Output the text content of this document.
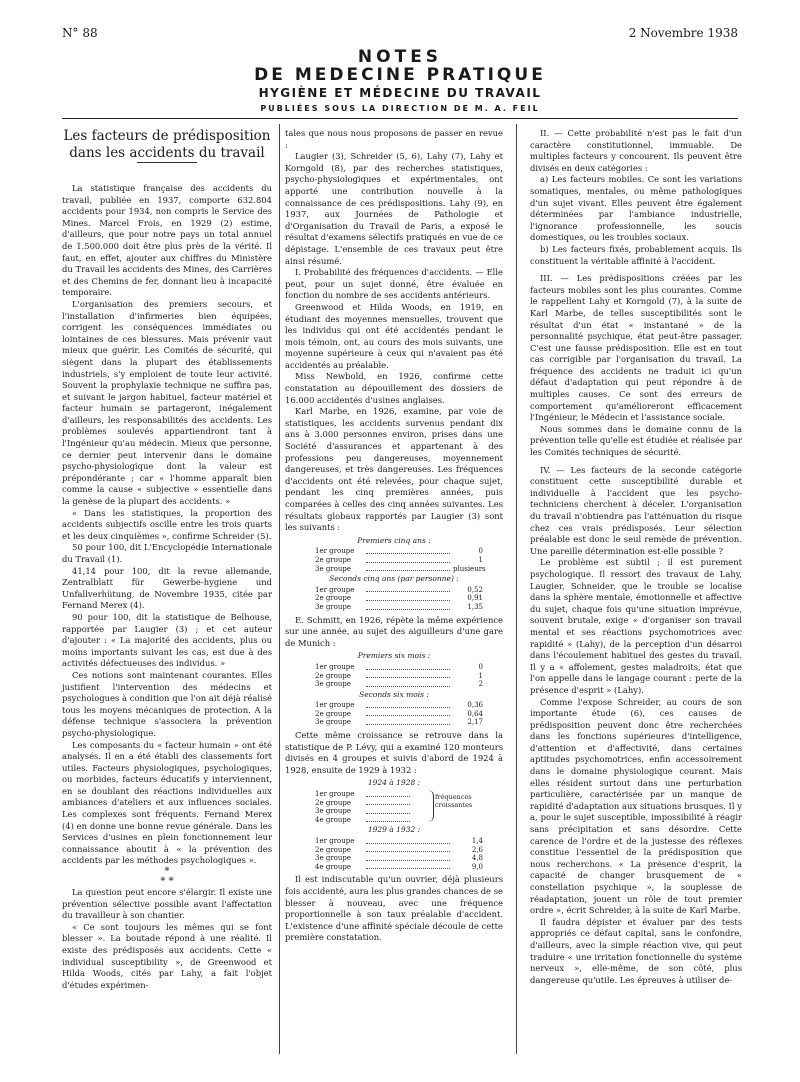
N° 88	2 Novembre 1938
NOTES
DE MEDECINE PRATIQUE
HYGIÈNE ET MÉDECINE DU TRAVAIL
PUBLIÉES SOUS LA DIRECTION DE M. A. FEIL

Les facteurs de prédisposition dans les accidents du travail

La statistique française des accidents du travail, publiée en 1937, comporte 632.804 accidents pour 1934, non compris le Service des Mines. Marcel Frois, en 1929 (2) estime, d'ailleurs, que pour notre pays un total annuel de 1.500.000 doit être plus près de la vérité. Il faut, en effet, ajouter aux chiffres du Ministère du Travail les accidents des Mines, des Carrières et des Chemins de fer, donnant lieu à incapacité temporaire.

L'organisation des premiers secours, et l'installation d'infirmeries bien équipées, corrigent les conséquences immédiates ou lointaines de ces blessures. Mais prévenir vaut mieux que guérir. Les Comités de sécurité, qui siègent dans la plupart des établissements industriels, s'y emploient de toute leur activité. Souvent la prophylaxie technique ne suffira pas, et suivant le jargon habituel, facteur matériel et facteur humain se partageront, inégalement d'ailleurs, les responsabilités des accidents. Les problèmes soulevés appartiendront tant à l'Ingénieur qu'au médecin. Mieux que personne, ce dernier peut intervenir dans le domaine psycho-physiologique dont la valeur est prépondérante ; car « l'homme apparaît bien comme la cause « subjective » essentielle dans la genèse de la plupart des accidents. »

« Dans les statistiques, la proportion des accidents subjectifs oscille entre les trois quarts et les deux cinquièmes », confirme Schreider (5).

50 pour 100, dit L'Encyclopédie Internationale du Travail (1).

41,14 pour 100, dit la revue allemande, Zentralblatt für Gewerbe-hygiene und Unfallverhütung, de Novembre 1935, citée par Fernand Merex (4).

90 pour 100, dit la statistique de Belhouse, rapportée par Laugier (3) ; et cet auteur d'ajouter : « La majorité des accidents, plus ou moins importants suivant les cas, est due à des activités défectueuses des individus. »

Ces notions sont maintenant courantes. Elles justifient l'intervention des médecins et psychologues à condition que l'on ait déjà réalisé tous les moyens mécaniques de protection. A la défense technique s'associera la prévention psycho-physiologique.

Les composants du « facteur humain » ont été analysés. Il en a été établi des classements fort utiles. Facteurs physiologiques, psychologiques, ou morbides, facteurs éducatifs y interviennent, en se doublant des réactions individuelles aux ambiances d'ateliers et aux influences sociales. Les complexes sont fréquents. Fernand Merex (4) en donne une bonne revue générale. Dans les Services d'usines en plein fonctionnement leur connaissance aboutit à « la prévention des accidents par les méthodes psychologiques ».

*
* *

La question peut encore s'élargir. Il existe une prévention sélective possible avant l'affectation du travailleur à son chantier.

« Ce sont toujours les mêmes qui se font blesser ». La boutade répond à une réalité. Il existe des prédisposés aux accidents. Cette « individual susceptibility », de Greenwood et Hilda Woods, cités par Lahy, a fait l'objet d'études expérimen-

tales que nous nous proposons de passer en revue :

Laugier (3), Schreider (5, 6), Lahy (7), Lahy et Korngold (8), par des recherches statistiques, psycho-physiologiques et expérimentales, ont apporté une contribution nouvelle à la connaissance de ces prédispositions. Lahy (9), en 1937, aux Journées de Pathologie et d'Organisation du Travail de Paris, a exposé le résultat d'examens sélectifs pratiqués en vue de ce dépistage. L'ensemble de ces travaux peut être ainsi résumé.

I. Probabilité des fréquences d'accidents. — Elle peut, pour un sujet donné, être évaluée en fonction du nombre de ses accidents antérieurs.

Greenwood et Hilda Woods, en 1919, en étudiant des moyennes mensuelles, trouvent que les individus qui ont été accidentés pendant le mois témoin, ont, au cours des mois suivants, une moyenne supérieure à ceux qui n'avaient pas été accidentés au préalable.

Miss Newbold, en 1926, confirme cette constatation au dépouillement des dossiers de 16.000 accidentés d'usines anglaises.

Karl Marbe, en 1926, examine, par voie de statistiques, les accidents survenus pendant dix ans à 3.000 personnes environ, prises dans une Société d'assurances et appartenant à des professions peu dangereuses, moyennement dangereuses, et très dangereuses. Les fréquences d'accidents ont été relevées, pour chaque sujet, pendant les cinq premières années, puis comparées à celles des cinq années suivantes. Les résultats globaux rapportés par Laugier (3) sont les suivants :

Premiers cinq ans :
1er groupe	0
2e groupe	1
3e groupe	plusieurs
Seconds cinq ans (par personne) :
1er groupe	0,52
2e groupe	0,91
3e groupe	1,35

E. Schmitt, en 1926, répète la même expérience sur une année, au sujet des aiguilleurs d'une gare de Munich :

Premiers six mois :
1er groupe	0
2e groupe	1
3e groupe	2
Seconds six mois :
1er groupe	0,36
2e groupe	0,64
3e groupe	2,17

Cette même croissance se retrouve dans la statistique de P. Lévy, qui a examiné 120 monteurs divisés en 4 groupes et suivis d'abord de 1924 à 1928, ensuite de 1929 à 1932 :

1924 à 1928 :
1er groupe
2e groupe
3e groupe
4e groupe
fréquences
croissantes
1929 à 1932 :
1er groupe	1,4
2e groupe	2,6
3e groupe	4,8
4e groupe	9,0

Il est indiscutable qu'un ouvrier, déjà plusieurs fois accidenté, aura les plus grandes chances de se blesser à nouveau, avec une fréquence proportionnelle à son taux préalable d'accident. L'existence d'une affinité spéciale découle de cette première constatation.

II. — Cette probabilité n'est pas le fait d'un caractère constitutionnel, immuable. De multiples facteurs y concourent. Ils peuvent être divisés en deux catégories :

a) Les facteurs mobiles. Ce sont les variations somatiques, mentales, ou même pathologiques d'un sujet vivant. Elles peuvent être également déterminées par l'ambiance industrielle, l'ignorance professionnelle, les soucis domestiques, ou les troubles sociaux.

b) Les facteurs fixés, probablement acquis. Ils constituent la véritable affinité à l'accident.

III. — Les prédispositions créées par les facteurs mobiles sont les plus courantes. Comme le rappellent Lahy et Korngold (7), à la suite de Karl Marbe, de telles susceptibilités sont le résultat d'un état « instantané » de la personnalité psychique, état peut-être passager. C'est une fausse prédisposition. Elle est en tout cas corrigible par l'organisation du travail. La fréquence des accidents ne traduit ici qu'un défaut d'adaptation qui peut répondre à de multiples causes. Ce sont des erreurs de comportement qu'amélioreront efficacement l'Ingénieur, le Médecin et l'assistance sociale.

Nous sommes dans le domaine connu de la prévention telle qu'elle est étudiée et réalisée par les Comités techniques de sécurité.

IV. — Les facteurs de la seconde catégorie constituent cette susceptibilité durable et individuelle à l'accident que les psycho-techniciens cherchent à déceler. L'organisation du travail n'obtiendra pas l'atténuation du risque chez ces vrais prédisposés. Leur sélection préalable est donc le seul remède de prévention. Une pareille détermination est-elle possible ?

Le problème est subtil ; il est purement psychologique. Il ressort des travaux de Lahy, Laugier, Schneider, que le trouble se localise dans la sphère mentale, émotionnelle et affective du sujet, chaque fois qu'une situation imprévue, souvent brutale, exige « d'organiser son travail mental et ses réactions psychomotrices avec rapidité » (Lahy), de la perception d'un désarroi dans l'écoulement habituel des gestes du travail. Il y a « affolement, gestes maladroits, état que l'on appelle dans le langage courant : perte de la présence d'esprit » (Lahy).

Comme l'expose Schreider, au cours de son importante étude (6), ces causes de prédisposition peuvent donc être recherchées dans les fonctions supérieures d'intelligence, d'attention et d'affectivité, dans certaines aptitudes psychomotrices, enfin accessoirement dans le domaine physiologique courant. Mais elles résident surtout dans une perturbation particulière, caractérisée par un manque de rapidité d'adaptation aux situations brusques. Il y a, pour le sujet susceptible, impossibilité à réagir sans précipitation et sans désordre. Cette carence de l'ordre et de la justesse des réflexes constitue l'essentiel de la prédisposition que nous recherchons. « La présence d'esprit, la capacité de changer brusquement de « constellation psychique », la souplesse de réadaptation, jouent un rôle de tout premier ordre », écrit Schreider, à la suite de Karl Marbe.

Il faudra dépister et évaluer par des tests appropriés ce défaut capital, sans le confondre, d'ailleurs, avec la simple réaction vive, qui peut traduire « une irritation fonctionnelle du système nerveux », elle-même, de son côté, plus dangereuse qu'utile. Les épreuves à utiliser de-
